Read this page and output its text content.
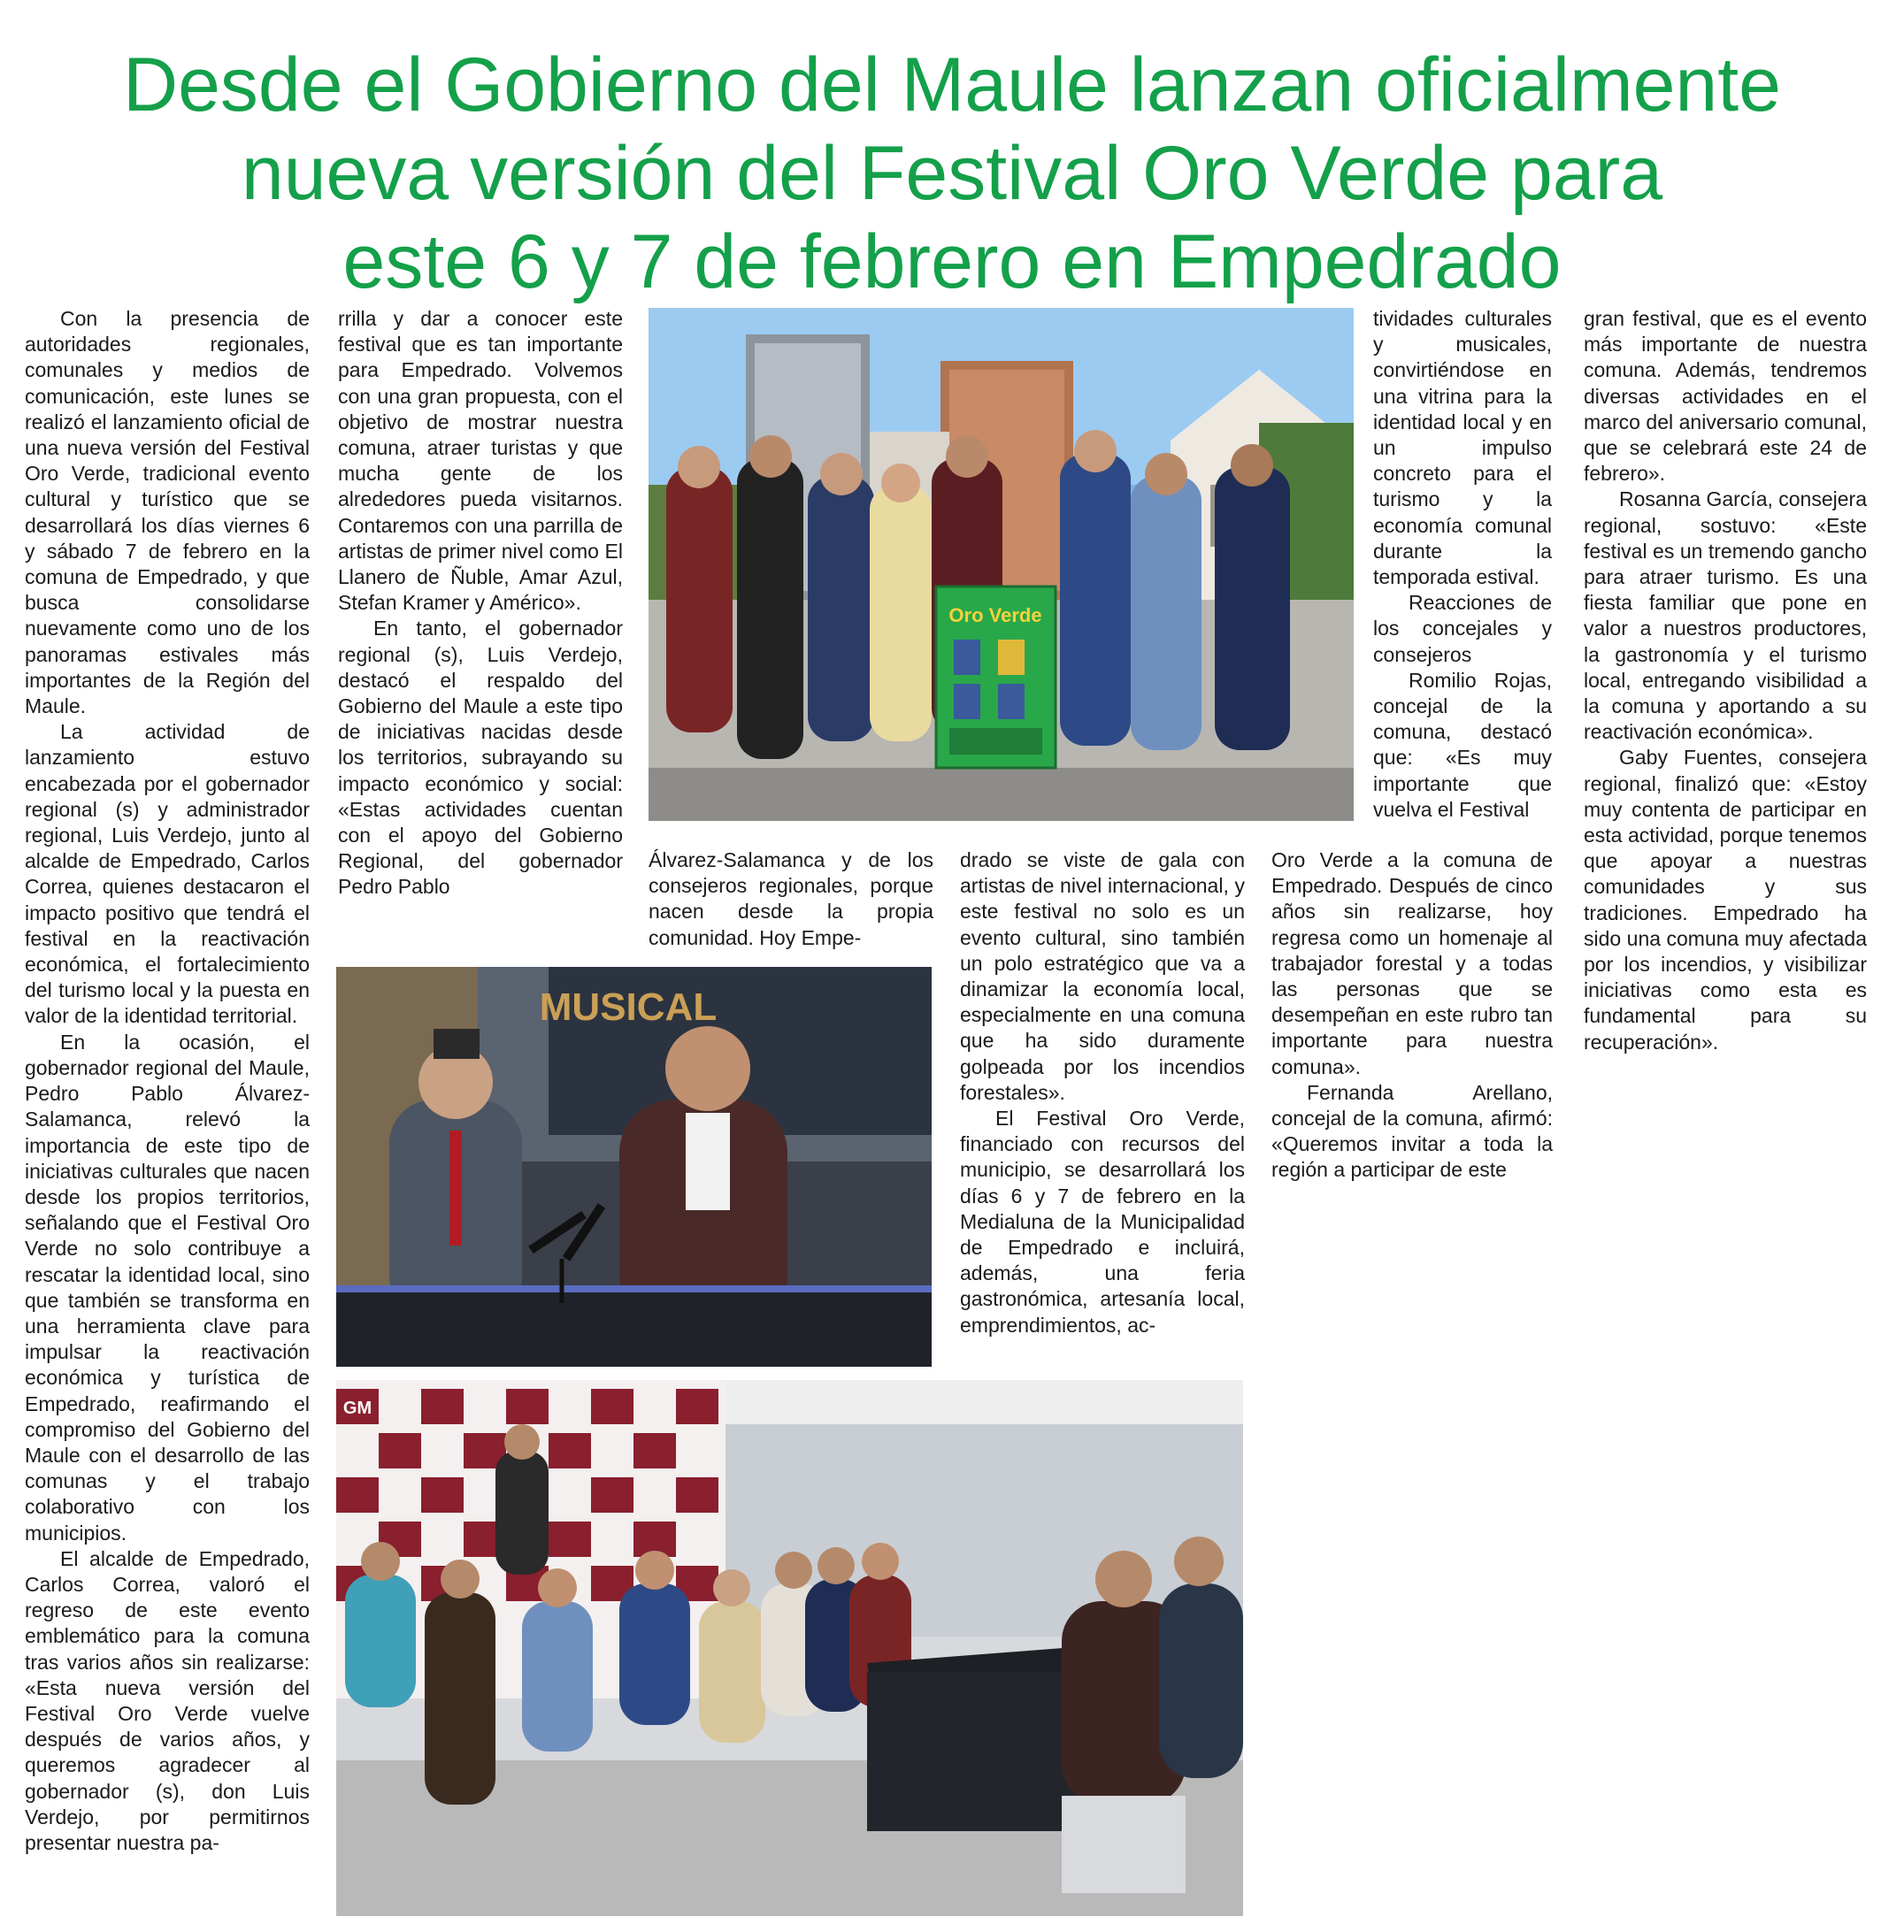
Desde el Gobierno del Maule lanzan oficialmente
nueva versión del Festival Oro Verde para
este 6 y 7 de febrero en Empedrado

Con la presencia de autoridades regionales, comunales y medios de comunicación, este lunes se realizó el lanzamiento oficial de una nueva versión del Festival Oro Verde, tradicional evento cultural y turístico que se desarrollará los días viernes 6 y sábado 7 de febrero en la comuna de Empedrado, y que busca consolidarse nuevamente como uno de los panoramas estivales más importantes de la Región del Maule.

La actividad de lanzamiento estuvo encabezada por el gobernador regional (s) y administrador regional, Luis Verdejo, junto al alcalde de Empedrado, Carlos Correa, quienes destacaron el impacto positivo que tendrá el festival en la reactivación económica, el fortalecimiento del turismo local y la puesta en valor de la identidad territorial.

En la ocasión, el gobernador regional del Maule, Pedro Pablo Álvarez-Salamanca, relevó la importancia de este tipo de iniciativas culturales que nacen desde los propios territorios, señalando que el Festival Oro Verde no solo contribuye a rescatar la identidad local, sino que también se transforma en una herramienta clave para impulsar la reactivación económica y turística de Empedrado, reafirmando el compromiso del Gobierno del Maule con el desarrollo de las comunas y el trabajo colaborativo con los municipios.

El alcalde de Empedrado, Carlos Correa, valoró el regreso de este evento emblemático para la comuna tras varios años sin realizarse: «Esta nueva versión del Festival Oro Verde vuelve después de varios años, y queremos agradecer al gobernador (s), don Luis Verdejo, por permitirnos presentar nuestra pa-

rrilla y dar a conocer este festival que es tan importante para Empedrado. Volvemos con una gran propuesta, con el objetivo de mostrar nuestra comuna, atraer turistas y que mucha gente de los alrededores pueda visitarnos. Contaremos con una parrilla de artistas de primer nivel como El Llanero de Ñuble, Amar Azul, Stefan Kramer y Américo».

En tanto, el gobernador regional (s), Luis Verdejo, destacó el respaldo del Gobierno del Maule a este tipo de iniciativas nacidas desde los territorios, subrayando su impacto económico y social: «Estas actividades cuentan con el apoyo del Gobierno Regional, del gobernador Pedro Pablo

Álvarez-Salamanca y de los consejeros regionales, porque nacen desde la propia comunidad. Hoy Empe-

drado se viste de gala con artistas de nivel internacional, y este festival no solo es un evento cultural, sino también un polo estratégico que va a dinamizar la economía local, especialmente en una comuna que ha sido duramente golpeada por los incendios forestales».

El Festival Oro Verde, financiado con recursos del municipio, se desarrollará los días 6 y 7 de febrero en la Medialuna de la Municipalidad de Empedrado e incluirá, además, una feria gastronómica, artesanía local, emprendimientos, ac-

tividades culturales y musicales, convirtiéndose en una vitrina para la identidad local y en un impulso concreto para el turismo y la economía comunal durante la temporada estival.

Reacciones de los concejales y consejeros

Romilio Rojas, concejal de la comuna, destacó que: «Es muy importante que vuelva el Festival

Oro Verde a la comuna de Empedrado. Después de cinco años sin realizarse, hoy regresa como un homenaje al trabajador forestal y a todas las personas que se desempeñan en este rubro tan importante para nuestra comuna».

Fernanda Arellano, concejal de la comuna, afirmó: «Queremos invitar a toda la región a participar de este

gran festival, que es el evento más importante de nuestra comuna. Además, tendremos diversas actividades en el marco del aniversario comunal, que se celebrará este 24 de febrero».

Rosanna García, consejera regional, sostuvo: «Este festival es un tremendo gancho para atraer turismo. Es una fiesta familiar que pone en valor a nuestros productores, la gastronomía y el turismo local, entregando visibilidad a la comuna y aportando a su reactivación económica».

Gaby Fuentes, consejera regional, finalizó que: «Estoy muy contenta de participar en esta actividad, porque tenemos que apoyar a nuestras comunidades y sus tradiciones. Empedrado ha sido una comuna muy afectada por los incendios, y visibilizar iniciativas como esta es fundamental para su recuperación».

Oro Verde
MUSICAL
GM
